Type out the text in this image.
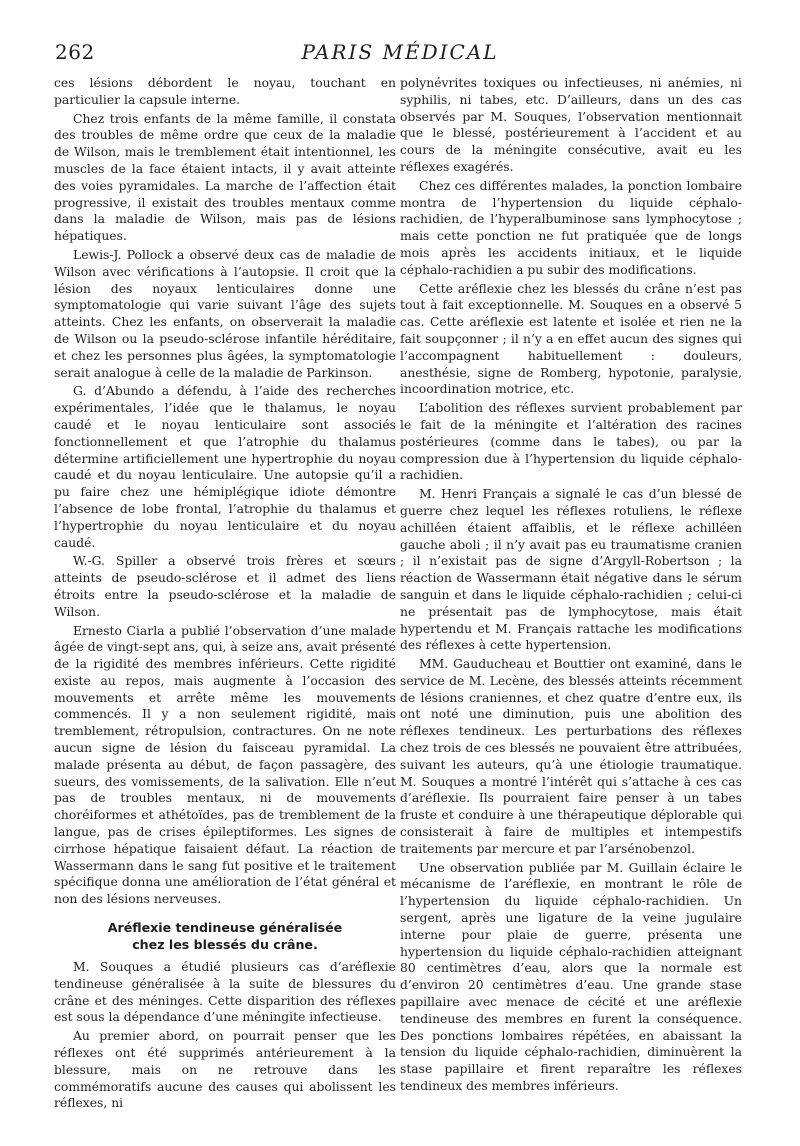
262	PARIS MÉDICAL

ces lésions débordent le noyau, touchant en particulier la capsule interne.

Chez trois enfants de la même famille, il constata des troubles de même ordre que ceux de la maladie de Wilson, mais le tremblement était intentionnel, les muscles de la face étaient intacts, il y avait atteinte des voies pyramidales. La marche de l’affection était progressive, il existait des troubles mentaux comme dans la maladie de Wilson, mais pas de lésions hépatiques.

Lewis-J. Pollock a observé deux cas de maladie de Wilson avec vérifications à l’autopsie. Il croit que la lésion des noyaux lenticulaires donne une symptomatologie qui varie suivant l’âge des sujets atteints. Chez les enfants, on observerait la maladie de Wilson ou la pseudo-sclérose infantile héréditaire, et chez les personnes plus âgées, la symptomatologie serait analogue à celle de la maladie de Parkinson.

G. d’Abundo a défendu, à l’aide des recherches expérimentales, l’idée que le thalamus, le noyau caudé et le noyau lenticulaire sont associés fonctionnellement et que l’atrophie du thalamus détermine artificiellement une hypertrophie du noyau caudé et du noyau lenticulaire. Une autopsie qu’il a pu faire chez une hémiplégique idiote démontre l’absence de lobe frontal, l’atrophie du thalamus et l’hypertrophie du noyau lenticulaire et du noyau caudé.

W.-G. Spiller a observé trois frères et sœurs atteints de pseudo-sclérose et il admet des liens étroits entre la pseudo-sclérose et la maladie de Wilson.

Ernesto Ciarla a publié l’observation d’une malade âgée de vingt-sept ans, qui, à seize ans, avait présenté de la rigidité des membres inférieurs. Cette rigidité existe au repos, mais augmente à l’occasion des mouvements et arrête même les mouvements commencés. Il y a non seulement rigidité, mais tremblement, rétropulsion, contractures. On ne note aucun signe de lésion du faisceau pyramidal. La malade présenta au début, de façon passagère, des sueurs, des vomissements, de la salivation. Elle n’eut pas de troubles mentaux, ni de mouvements choréiformes et athétoïdes, pas de tremblement de la langue, pas de crises épileptiformes. Les signes de cirrhose hépatique faisaient défaut. La réaction de Wassermann dans le sang fut positive et le traitement spécifique donna une amélioration de l’état général et non des lésions nerveuses.

Aréflexie tendineuse généralisée
chez les blessés du crâne.

M. Souques a étudié plusieurs cas d’aréflexie tendineuse généralisée à la suite de blessures du crâne et des méninges. Cette disparition des réflexes est sous la dépendance d’une méningite infectieuse.

Au premier abord, on pourrait penser que les réflexes ont été supprimés antérieurement à la blessure, mais on ne retrouve dans les commémoratifs aucune des causes qui abolissent les réflexes, ni

polynévrites toxiques ou infectieuses, ni anémies, ni syphilis, ni tabes, etc. D’ailleurs, dans un des cas observés par M. Souques, l’observation mentionnait que le blessé, postérieurement à l’accident et au cours de la méningite consécutive, avait eu les réflexes exagérés.

Chez ces différentes malades, la ponction lombaire montra de l’hypertension du liquide céphalo-rachidien, de l’hyperalbuminose sans lymphocytose ; mais cette ponction ne fut pratiquée que de longs mois après les accidents initiaux, et le liquide céphalo-rachidien a pu subir des modifications.

Cette aréflexie chez les blessés du crâne n’est pas tout à fait exceptionnelle. M. Souques en a observé 5 cas. Cette aréflexie est latente et isolée et rien ne la fait soupçonner ; il n’y a en effet aucun des signes qui l’accompagnent habituellement : douleurs, anesthésie, signe de Romberg, hypotonie, paralysie, incoordination motrice, etc.

L’abolition des réflexes survient probablement par le fait de la méningite et l’altération des racines postérieures (comme dans le tabes), ou par la compression due à l’hypertension du liquide céphalo-rachidien.

M. Henri Français a signalé le cas d’un blessé de guerre chez lequel les réflexes rotuliens, le réflexe achilléen étaient affaiblis, et le réflexe achilléen gauche aboli ; il n’y avait pas eu traumatisme cranien ; il n’existait pas de signe d’Argyll-Robertson ; la réaction de Wassermann était négative dans le sérum sanguin et dans le liquide céphalo-rachidien ; celui-ci ne présentait pas de lymphocytose, mais était hypertendu et M. Français rattache les modifications des réflexes à cette hypertension.

MM. Gauducheau et Bouttier ont examiné, dans le service de M. Lecène, des blessés atteints récemment de lésions craniennes, et chez quatre d’entre eux, ils ont noté une diminution, puis une abolition des réflexes tendineux. Les perturbations des réflexes chez trois de ces blessés ne pouvaient être attribuées, suivant les auteurs, qu’à une étiologie traumatique. M. Souques a montré l’intérêt qui s’attache à ces cas d’aréflexie. Ils pourraient faire penser à un tabes fruste et conduire à une thérapeutique déplorable qui consisterait à faire de multiples et intempestifs traitements par mercure et par l’arsénobenzol.

Une observation publiée par M. Guillain éclaire le mécanisme de l’aréflexie, en montrant le rôle de l’hypertension du liquide céphalo-rachidien. Un sergent, après une ligature de la veine jugulaire interne pour plaie de guerre, présenta une hypertension du liquide céphalo-rachidien atteignant 80 centimètres d’eau, alors que la normale est d’environ 20 centimètres d’eau. Une grande stase papillaire avec menace de cécité et une aréflexie tendineuse des membres en furent la conséquence. Des ponctions lombaires répétées, en abaissant la tension du liquide céphalo-rachidien, diminuèrent la stase papillaire et firent reparaître les réflexes tendineux des membres inférieurs.
